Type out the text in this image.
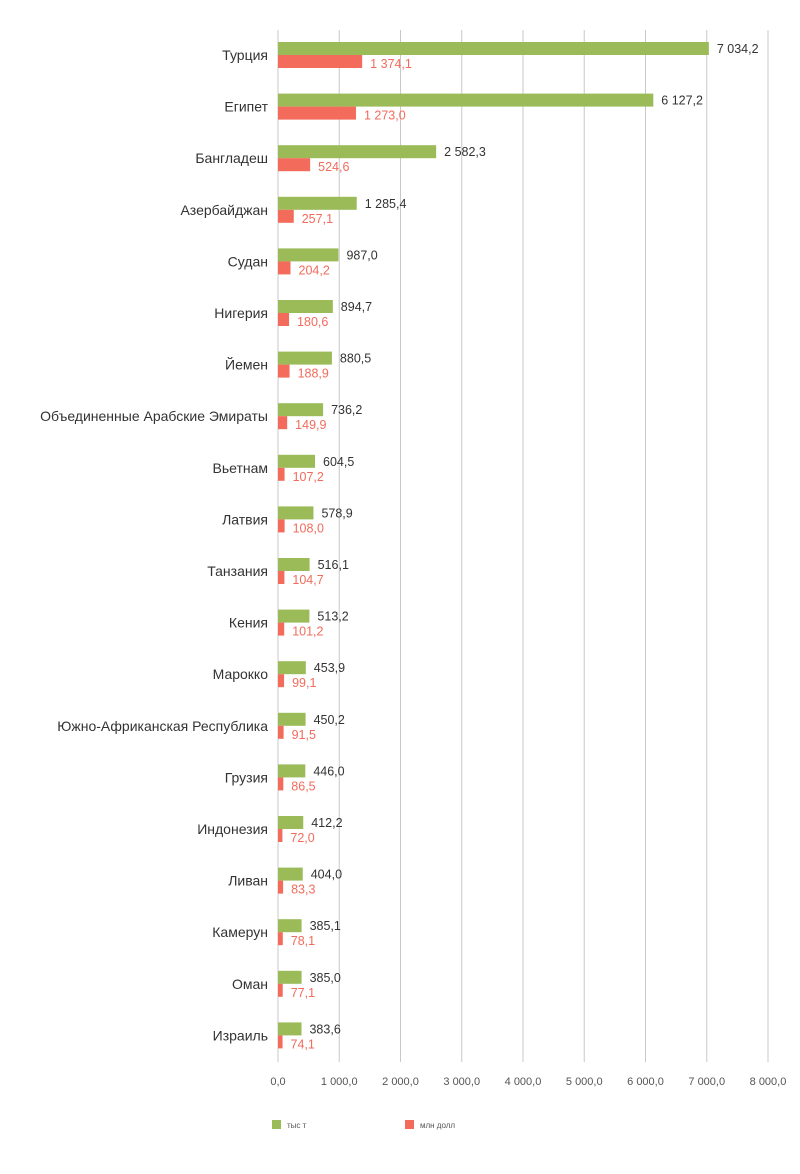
Турция
Египет
Бангладеш
Азербайджан
Судан
Нигерия
Йемен
Объединенные Арабские Эмираты
Вьетнам
Латвия
Танзания
Кения
Марокко
Южно-Африканская Республика
Грузия
Индонезия
Ливан
Камерун
Оман
Израиль
7 034,2
1 374,1
6 127,2
1 273,0
2 582,3
524,6
1 285,4
257,1
987,0
204,2
894,7
180,6
880,5
188,9
736,2
149,9
604,5
107,2
578,9
108,0
516,1
104,7
513,2
101,2
453,9
99,1
450,2
91,5
446,0
86,5
412,2
72,0
404,0
83,3
385,1
78,1
385,0
77,1
383,6
74,1
0,0	1 000,0 2 000,0 3 000,0 4 000,0 5 000,0 6 000,0 7 000,0 8 000,0
тыс т	млн долл
